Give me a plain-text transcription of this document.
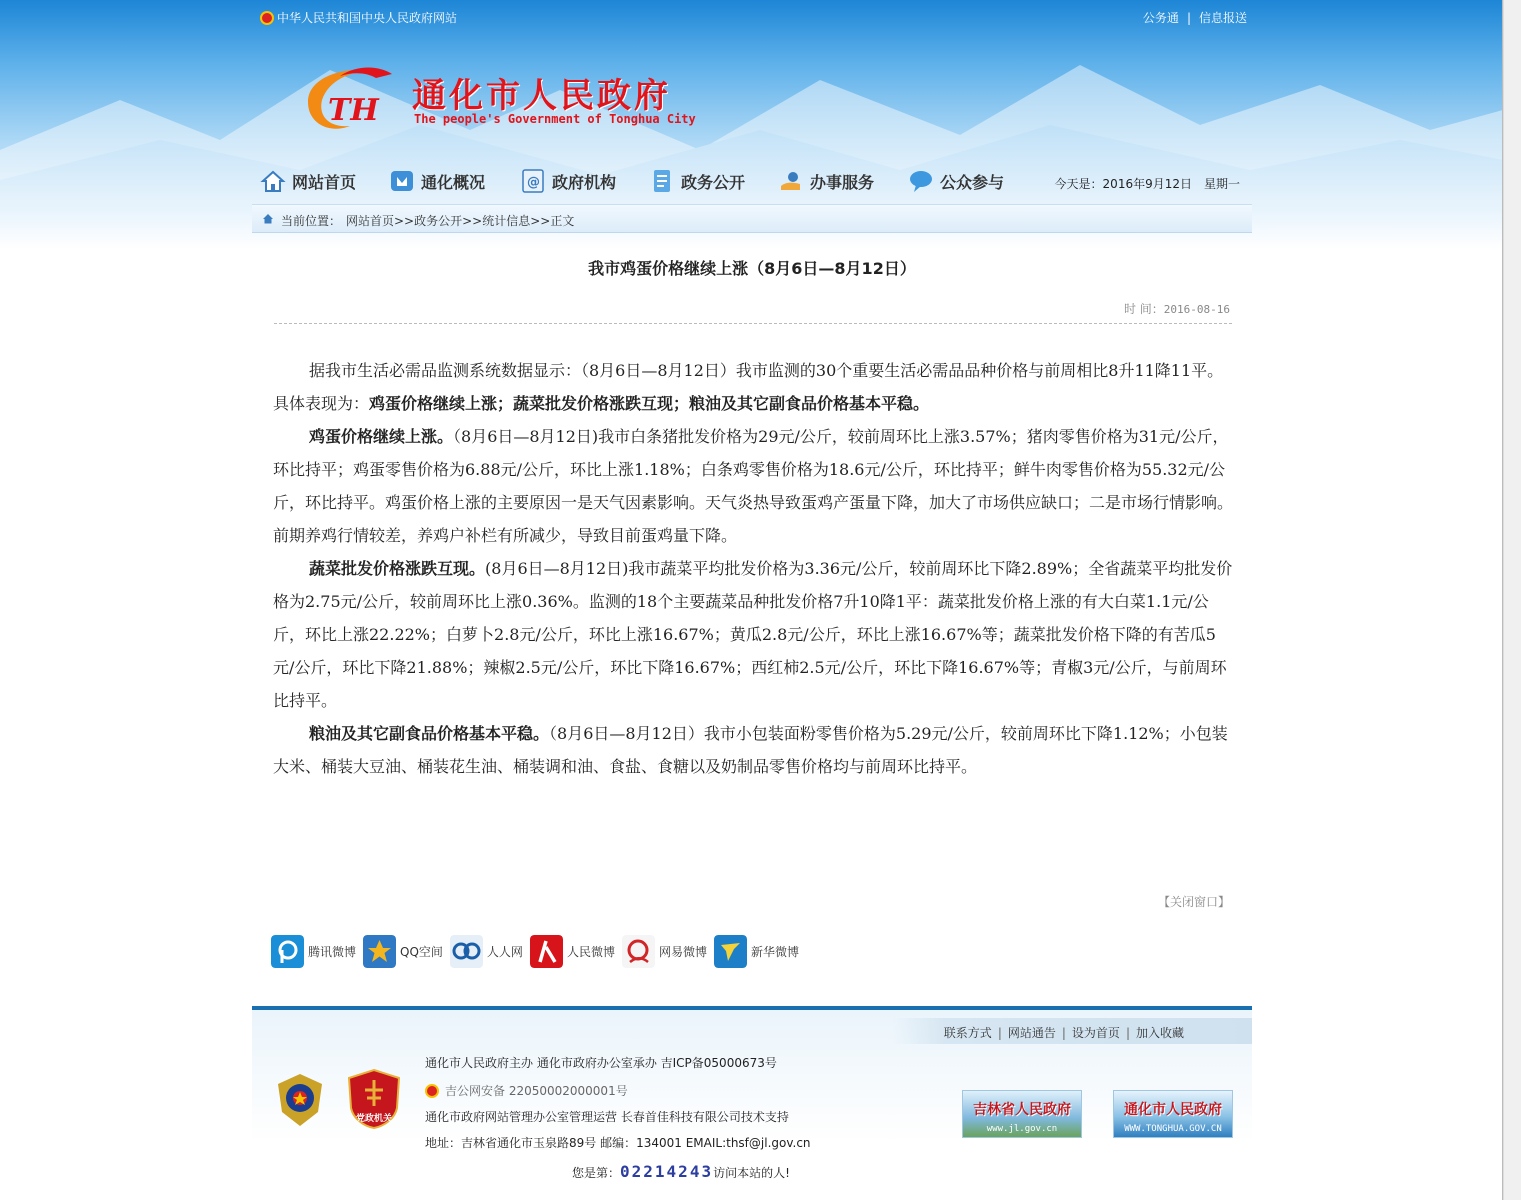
中华人民共和国中央人民政府网站	公务通 | 信息报送
TH 通化市人民政府
The people's Government of Tonghua City
网站首页	通化概况	@ 政府机构	政务公开	办事服务	公众参与	今天是：2016年9月12日　星期一
当前位置： 网站首页>>政务公开>>统计信息>>正文
我市鸡蛋价格继续上涨（8月6日—8月12日）
时 间：2016-08-16

据我市生活必需品监测系统数据显示：（8月6日—8月12日）我市监测的30个重要生活必需品品种价格与前周相比8升11降11平。具体表现为：鸡蛋价格继续上涨；蔬菜批发价格涨跌互现；粮油及其它副食品价格基本平稳。

鸡蛋价格继续上涨。（8月6日—8月12日)我市白条猪批发价格为29元/公斤，较前周环比上涨3.57%；猪肉零售价格为31元/公斤，环比持平；鸡蛋零售价格为6.88元/公斤，环比上涨1.18%；白条鸡零售价格为18.6元/公斤，环比持平；鲜牛肉零售价格为55.32元/公斤，环比持平。鸡蛋价格上涨的主要原因一是天气因素影响。天气炎热导致蛋鸡产蛋量下降，加大了市场供应缺口；二是市场行情影响。前期养鸡行情较差，养鸡户补栏有所减少，导致目前蛋鸡量下降。

蔬菜批发价格涨跌互现。(8月6日—8月12日)我市蔬菜平均批发价格为3.36元/公斤，较前周环比下降2.89%；全省蔬菜平均批发价格为2.75元/公斤，较前周环比上涨0.36%。监测的18个主要蔬菜品种批发价格7升10降1平：蔬菜批发价格上涨的有大白菜1.1元/公斤，环比上涨22.22%；白萝卜2.8元/公斤，环比上涨16.67%；黄瓜2.8元/公斤，环比上涨16.67%等；蔬菜批发价格下降的有苦瓜5元/公斤，环比下降21.88%；辣椒2.5元/公斤，环比下降16.67%；西红柿2.5元/公斤，环比下降16.67%等；青椒3元/公斤，与前周环比持平。

粮油及其它副食品价格基本平稳。（8月6日—8月12日）我市小包装面粉零售价格为5.29元/公斤，较前周环比下降1.12%；小包装大米、桶装大豆油、桶装花生油、桶装调和油、食盐、食糖以及奶制品零售价格均与前周环比持平。

【关闭窗口】
腾讯微博	QQ空间	人人网	人民微博	网易微博	新华微博
联系方式 | 网站通告 | 设为首页 | 加入收藏
党政机关
通化市人民政府主办 通化市政府办公室承办 吉ICP备05000673号
吉公网安备 22050002000001号
通化市政府网站管理办公室管理运营 长春首佳科技有限公司技术支持
地址：吉林省通化市玉泉路89号 邮编：134001 EMAIL:thsf@jl.gov.cn
您是第：02214243访问本站的人!
吉林省人民政府
www.jl.gov.cn
通化市人民政府
WWW.TONGHUA.GOV.CN
